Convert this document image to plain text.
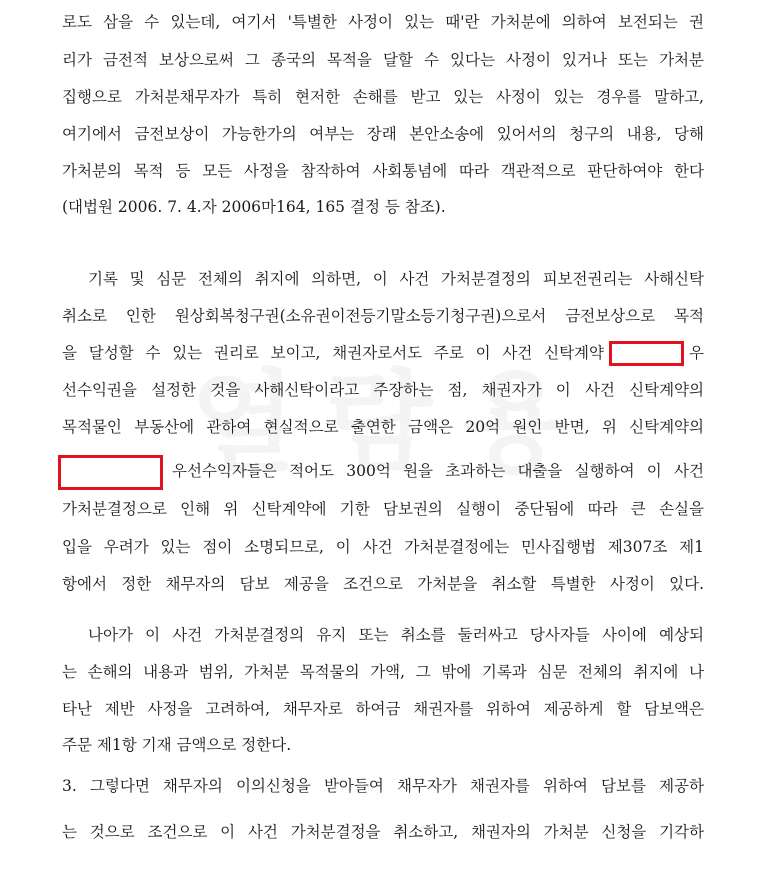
로도 삼을 수 있는데, 여기서 '특별한 사정이 있는 때'란 가처분에 의하여 보전되는 권
리가 금전적 보상으로써 그 종국의 목적을 달할 수 있다는 사정이 있거나 또는 가처분
집행으로 가처분채무자가 특히 현저한 손해를 받고 있는 사정이 있는 경우를 말하고,
여기에서 금전보상이 가능한가의 여부는 장래 본안소송에 있어서의 청구의 내용, 당해
가처분의 목적 등 모든 사정을 참작하여 사회통념에 따라 객관적으로 판단하여야 한다
(대법원 2006. 7. 4.자 2006마164, 165 결정 등 참조).
기록 및 심문 전체의 취지에 의하면, 이 사건 가처분결정의 피보전권리는 사해신탁
취소로 인한 원상회복청구권(소유권이전등기말소등기청구권)으로서 금전보상으로 목적
을 달성할 수 있는 권리로 보이고, 채권자로서도 주로 이 사건 신탁계약	우
선수익권을 설정한 것을 사해신탁이라고 주장하는 점, 채권자가 이 사건 신탁계약의
목적물인 부동산에 관하여 현실적으로 출연한 금액은 20억 원인 반면, 위 신탁계약의
우선수익자들은 적어도 300억 원을 초과하는 대출을 실행하여 이 사건
가처분결정으로 인해 위 신탁계약에 기한 담보권의 실행이 중단됨에 따라 큰 손실을
입을 우려가 있는 점이 소명되므로, 이 사건 가처분결정에는 민사집행법 제307조 제1
항에서 정한 채무자의 담보 제공을 조건으로 가처분을 취소할 특별한 사정이 있다.
나아가 이 사건 가처분결정의 유지 또는 취소를 둘러싸고 당사자들 사이에 예상되
는 손해의 내용과 범위, 가처분 목적물의 가액, 그 밖에 기록과 심문 전체의 취지에 나
타난 제반 사정을 고려하여, 채무자로 하여금 채권자를 위하여 제공하게 할 담보액은
주문 제1항 기재 금액으로 정한다.
3. 그렇다면 채무자의 이의신청을 받아들여 채무자가 채권자를 위하여 담보를 제공하
는 것으로 조건으로 이 사건 가처분결정을 취소하고, 채권자의 가처분 신청을 기각하
